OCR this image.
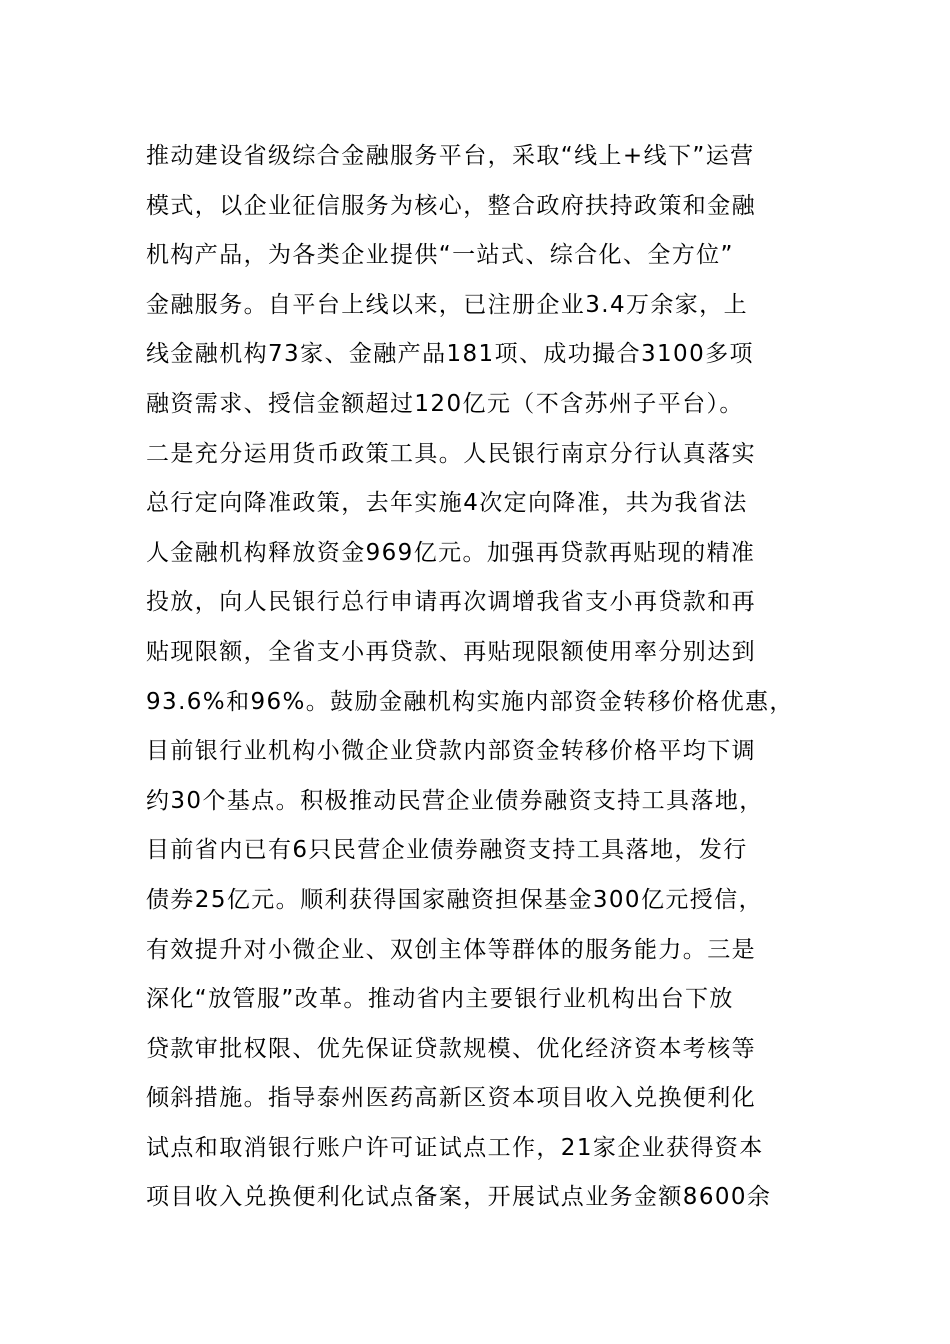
推动建设省级综合金融服务平台，采取“线上+线下”运营
模式，以企业征信服务为核心，整合政府扶持政策和金融
机构产品，为各类企业提供“一站式、综合化、全方位”
金融服务。自平台上线以来，已注册企业3.4万余家，上
线金融机构73家、金融产品181项、成功撮合3100多项
融资需求、授信金额超过120亿元（不含苏州子平台）。
二是充分运用货币政策工具。人民银行南京分行认真落实
总行定向降准政策，去年实施4次定向降准，共为我省法
人金融机构释放资金969亿元。加强再贷款再贴现的精准
投放，向人民银行总行申请再次调增我省支小再贷款和再
贴现限额，全省支小再贷款、再贴现限额使用率分别达到
93.6%和96%。鼓励金融机构实施内部资金转移价格优惠，
目前银行业机构小微企业贷款内部资金转移价格平均下调
约30个基点。积极推动民营企业债券融资支持工具落地，
目前省内已有6只民营企业债券融资支持工具落地，发行
债券25亿元。顺利获得国家融资担保基金300亿元授信，
有效提升对小微企业、双创主体等群体的服务能力。三是
深化“放管服”改革。推动省内主要银行业机构出台下放
贷款审批权限、优先保证贷款规模、优化经济资本考核等
倾斜措施。指导泰州医药高新区资本项目收入兑换便利化
试点和取消银行账户许可证试点工作，21家企业获得资本
项目收入兑换便利化试点备案，开展试点业务金额8600余
